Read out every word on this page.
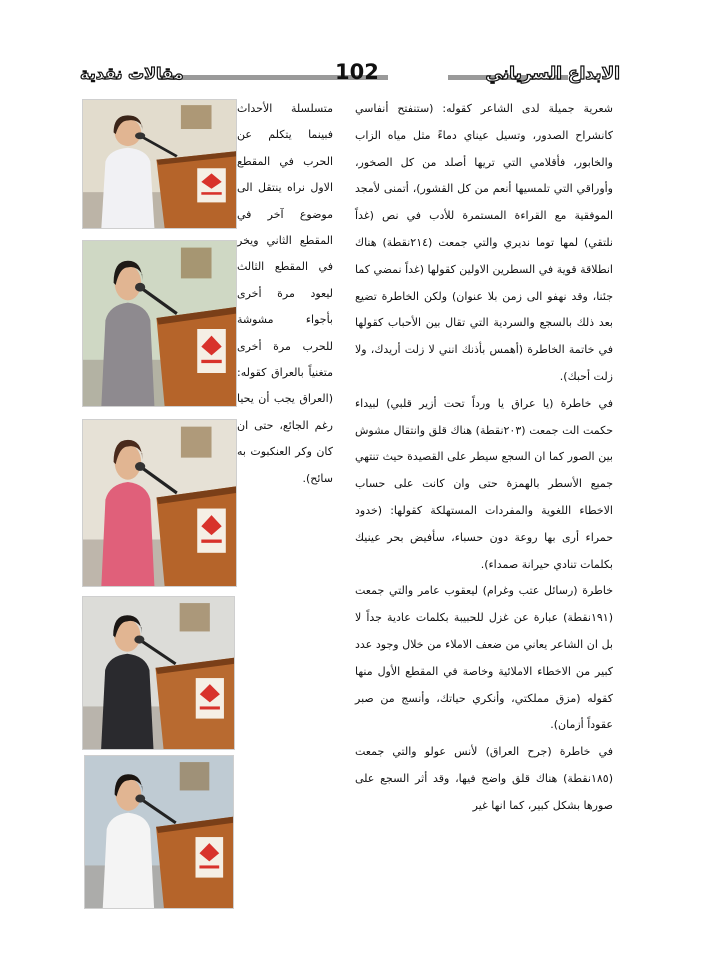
مقالات نقدية	102	الابداع السرياني

شعرية جميلة لدى الشاعر كقوله: (ستنفتح أنفاسي كانشراح الصدور، وتسيل عيناي دماءً مثل مياه الزاب والخابور، فأقلامي التي تريها أصلد من كل الصخور، وأوراقي التي تلمسيها أنعم من كل القشور)، أتمنى لأمجد الموفقية مع القراءة المستمرة للأدب في نص (غداً نلتقي) لمها توما نديري والتي جمعت (٢١٤نقطة) هناك انطلاقة قوية في السطرين الاولين كقولها (غداً نمضي كما جئنا، وقد نهفو الى زمن بلا عنوان) ولكن الخاطرة تضيع بعد ذلك بالسجع والسردية التي تقال بين الأحباب كقولها في خاتمة الخاطرة (أهمس بأذنك انني لا زلت أريدك، ولا زلت أحبك).

في خاطرة (يا عراق يا ورداً تحت أزير قلبي) لبيداء حكمت الت جمعت (٢٠٣نقطة) هناك قلق وانتقال مشوش بين الصور كما ان السجع سيطر على القصيدة حيث تنتهي جميع الأسطر بالهمزة حتى وان كانت على حساب الاخطاء اللغوية والمفردات المستهلكة كقولها: (خدود حمراء أرى بها روعة دون حسباء، سأفيض بحر عينيك بكلمات تنادي حيرانة صمداء).

خاطرة (رسائل عتب وغرام) ليعقوب عامر والتي جمعت (١٩١نقطة) عبارة عن غزل للحبيبة بكلمات عادية جداً لا بل ان الشاعر يعاني من ضعف الاملاء من خلال وجود عدد كبير من الاخطاء الاملائية وخاصة في المقطع الأول منها كقوله (مزق مملكتي، وأنكري حياتك، وأنسج من صبر عقوداً أزمان).

في خاطرة (جرح العراق) لأنس عولو والتي جمعت (١٨٥نقطة) هناك قلق واضح فيها، وقد أثر السجع على صورها بشكل كبير، كما انها غير

متسلسلة الأحداث فبينما يتكلم عن الحرب في المقطع الاول نراه ينتقل الى موضوع آخر في المقطع الثاني ويخر في المقطع الثالث ليعود مرة أخرى بأجواء مشوشة للحرب مرة أخرى متغنياً بالعراق كقوله: (العراق يجب أن يحيا رغم الجائع، حتى ان كان وكر العنكبوت به سائح).
